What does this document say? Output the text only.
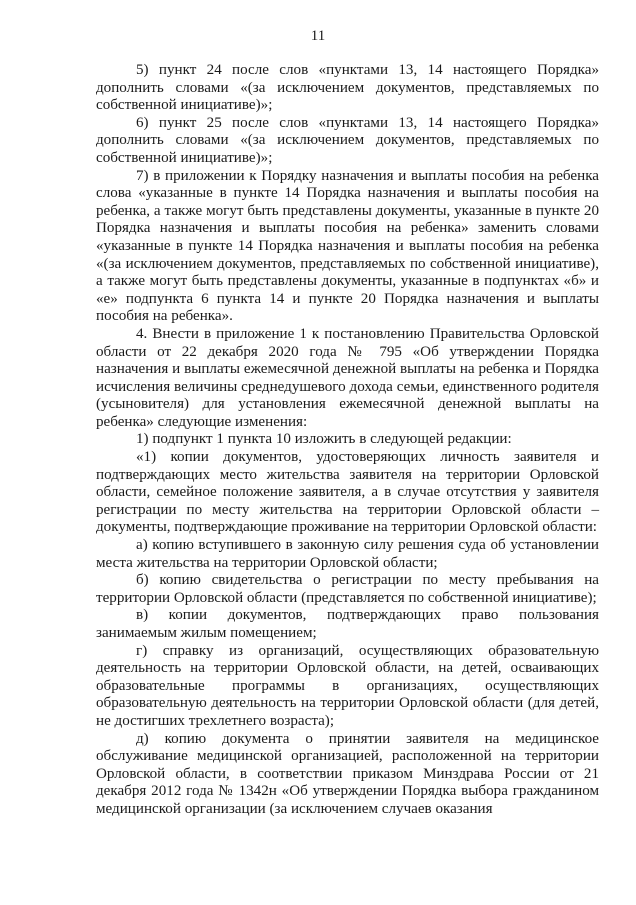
11

5) пункт 24 после слов «пунктами 13, 14 настоящего Порядка» дополнить словами «(за исключением документов, представляемых по собственной инициативе)»;

6) пункт 25 после слов «пунктами 13, 14 настоящего Порядка» дополнить словами «(за исключением документов, представляемых по собственной инициативе)»;

7) в приложении к Порядку назначения и выплаты пособия на ребенка слова «указанные в пункте 14 Порядка назначения и выплаты пособия на ребенка, а также могут быть представлены документы, указанные в пункте 20 Порядка назначения и выплаты пособия на ребенка» заменить словами «указанные в пункте 14 Порядка назначения и выплаты пособия на ребенка «(за исключением документов, представляемых по собственной инициативе), а также могут быть представлены документы, указанные в подпунктах «б» и «е» подпункта 6 пункта 14 и пункте 20 Порядка назначения и выплаты пособия на ребенка».

4. Внести в приложение 1 к постановлению Правительства Орловской области от 22 декабря 2020 года № 795 «Об утверждении Порядка назначения и выплаты ежемесячной денежной выплаты на ребенка и Порядка исчисления величины среднедушевого дохода семьи, единственного родителя (усыновителя) для установления ежемесячной денежной выплаты на ребенка» следующие изменения:

1) подпункт 1 пункта 10 изложить в следующей редакции:

«1) копии документов, удостоверяющих личность заявителя и подтверждающих место жительства заявителя на территории Орловской области, семейное положение заявителя, а в случае отсутствия у заявителя регистрации по месту жительства на территории Орловской области – документы, подтверждающие проживание на территории Орловской области:

а) копию вступившего в законную силу решения суда об установлении места жительства на территории Орловской области;

б) копию свидетельства о регистрации по месту пребывания на территории Орловской области (представляется по собственной инициативе);

в) копии документов, подтверждающих право пользования занимаемым жилым помещением;

г) справку из организаций, осуществляющих образовательную деятельность на территории Орловской области, на детей, осваивающих образовательные программы в организациях, осуществляющих образовательную деятельность на территории Орловской области (для детей, не достигших трехлетнего возраста);

д) копию документа о принятии заявителя на медицинское обслуживание медицинской организацией, расположенной на территории Орловской области, в соответствии приказом Минздрава России от 21 декабря 2012 года № 1342н «Об утверждении Порядка выбора гражданином медицинской организации (за исключением случаев оказания
